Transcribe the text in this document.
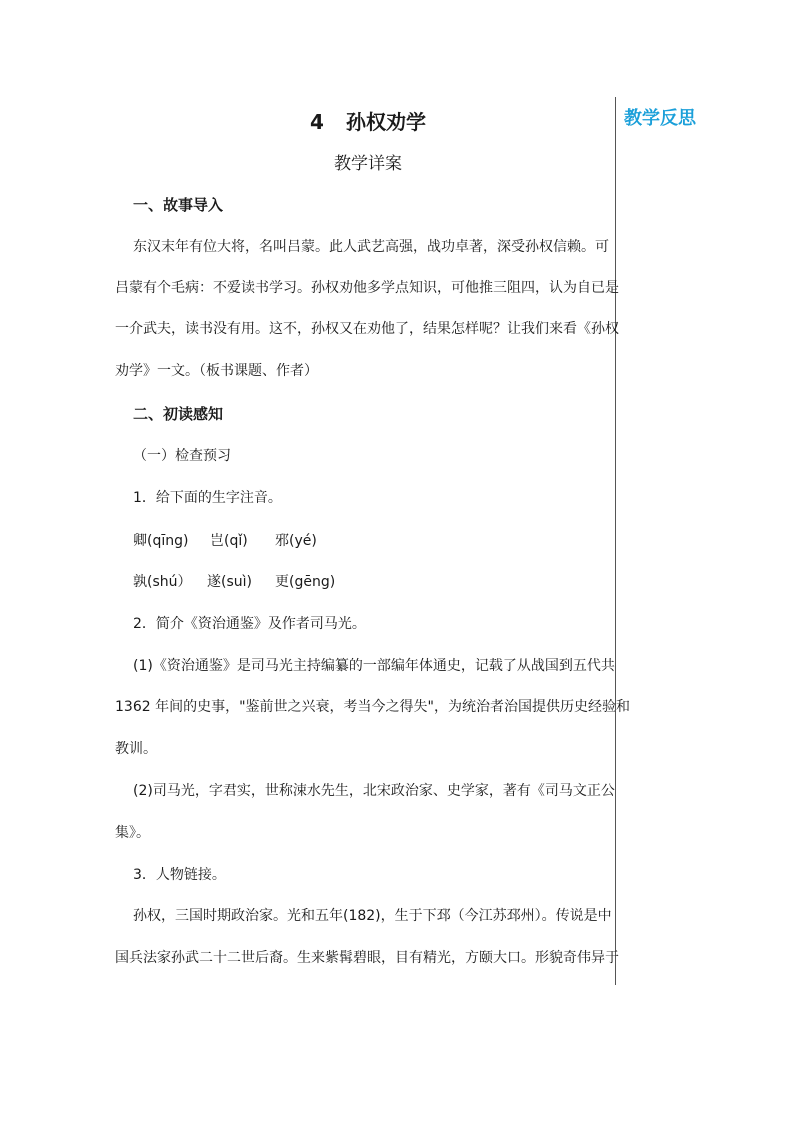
教学反思
4 孙权劝学
教学详案
一、故事导入
东汉末年有位大将，名叫吕蒙。此人武艺高强，战功卓著，深受孙权信赖。可
吕蒙有个毛病：不爱读书学习。孙权劝他多学点知识，可他推三阻四，认为自已是
一介武夫，读书没有用。这不，孙权又在劝他了，结果怎样呢？让我们来看《孙权
劝学》一文。（板书课题、作者）
二、初读感知
（一）检查预习
1．给下面的生字注音。
卿(qīng) 岂(qǐ) 邪(yé)
孰(shú） 遂(suì) 更(gēng)
2．简介《资治通鉴》及作者司马光。
(1)《资治通鉴》是司马光主持编纂的一部编年体通史，记载了从战国到五代共
1362 年间的史事，"鉴前世之兴衰，考当今之得失"，为统治者治国提供历史经验和
教训。
(2)司马光，字君实，世称涑水先生，北宋政治家、史学家，著有《司马文正公
集》。
3．人物链接。
孙权，三国时期政治家。光和五年(182)，生于下邳（今江苏邳州）。传说是中
国兵法家孙武二十二世后裔。生来紫髯碧眼，目有精光，方颐大口。形貌奇伟异于
